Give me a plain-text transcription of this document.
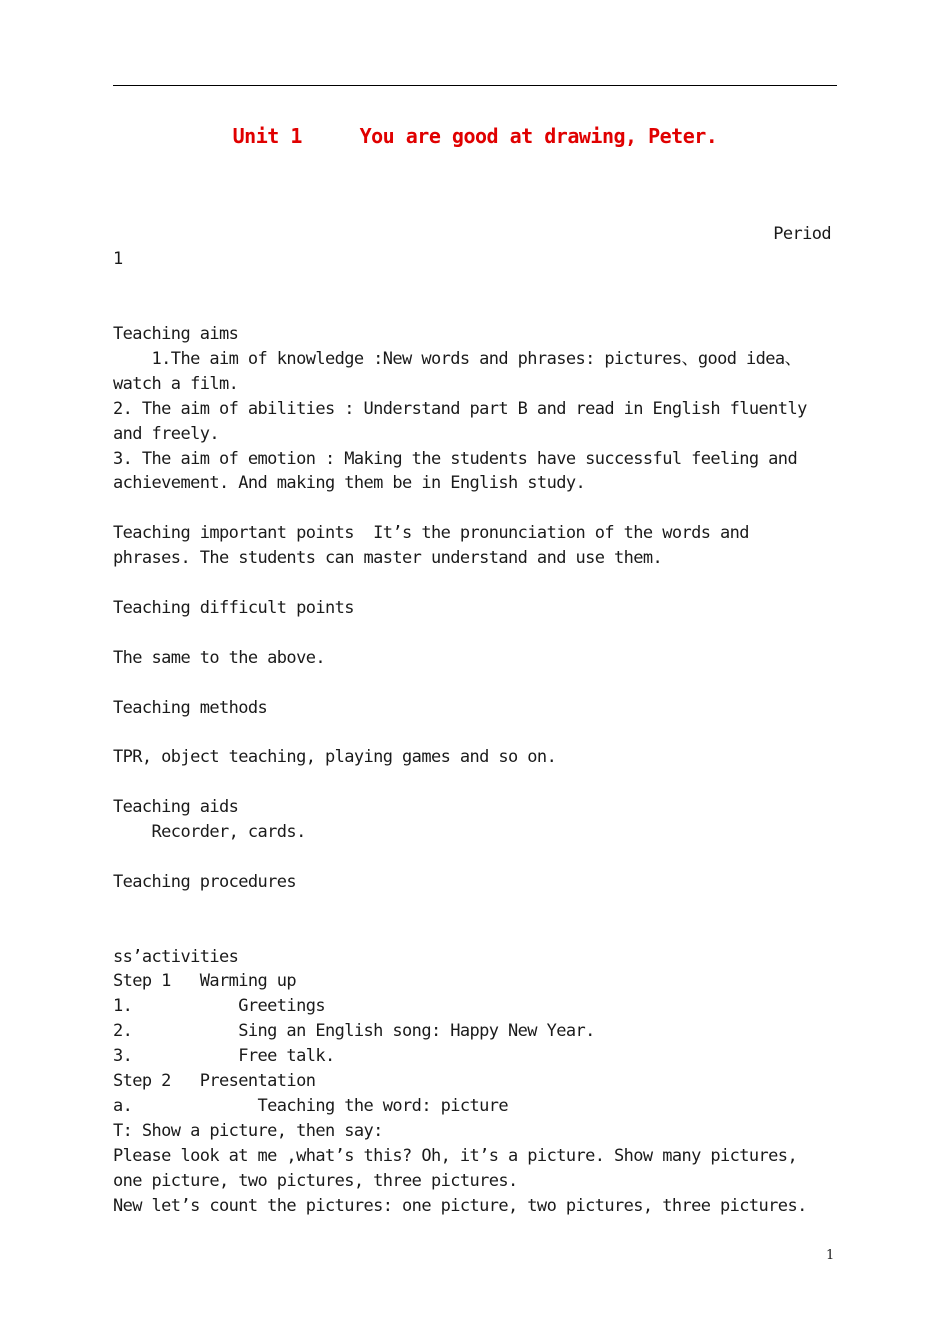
Unit 1     You are good at drawing, Peter.
Period
1
Teaching aims
1.The aim of knowledge :New words and phrases: pictures、good idea、
watch a film.
2. The aim of abilities : Understand part B and read in English fluently
and freely.
3. The aim of emotion : Making the students have successful feeling and
achievement. And making them be in English study.
Teaching important points  It’s the pronunciation of the words and
phrases. The students can master understand and use them.
Teaching difficult points
The same to the above.
Teaching methods
TPR, object teaching, playing games and so on.
Teaching aids
Recorder, cards.
Teaching procedures
ss’activities
Step 1   Warming up
1.           Greetings
2.           Sing an English song: Happy New Year.
3.           Free talk.
Step 2   Presentation
a.             Teaching the word: picture
T: Show a picture, then say:
Please look at me ,what’s this? Oh, it’s a picture. Show many pictures,
one picture, two pictures, three pictures.
New let’s count the pictures: one picture, two pictures, three pictures.
1
